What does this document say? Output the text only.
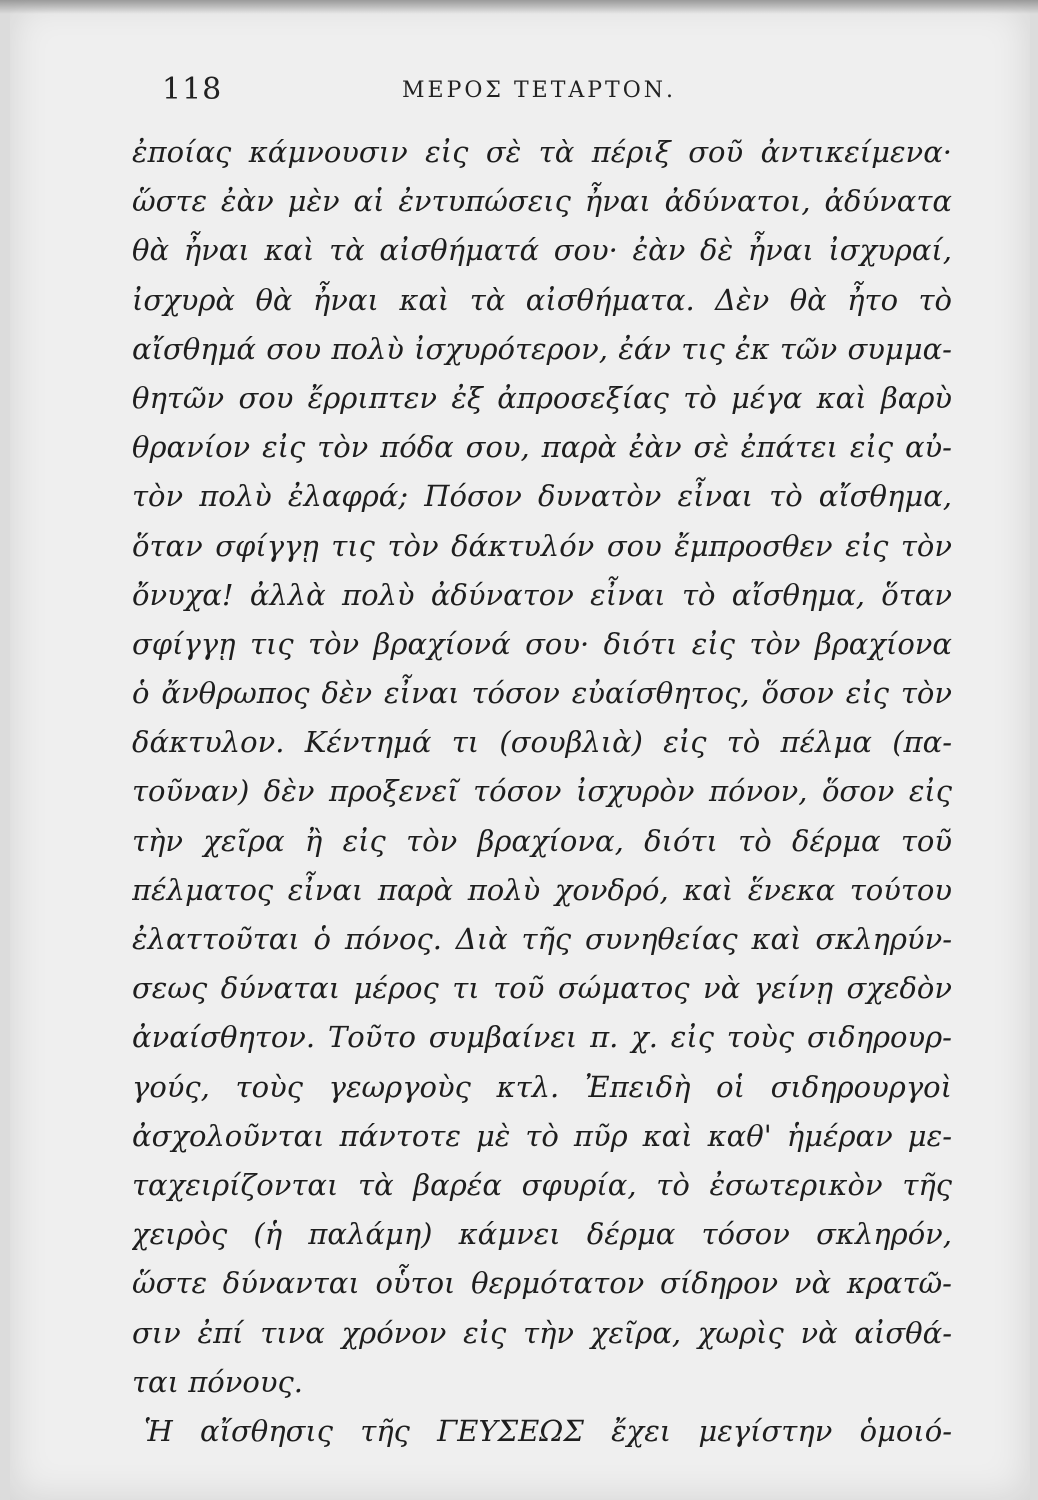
118	ΜΕΡΟΣ ΤΕΤΑΡΤΟΝ.
ἐποίας κάμνουσιν εἰς σὲ τὰ πέριξ σοῦ ἀντικείμενα·
ὥστε ἐὰν μὲν αἱ ἐντυπώσεις ἦναι ἀδύνατοι, ἀδύνατα
θὰ ἦναι καὶ τὰ αἰσθήματά σου· ἐὰν δὲ ἦναι ἰσχυραί,
ἰσχυρὰ θὰ ἦναι καὶ τὰ αἰσθήματα. Δὲν θὰ ἦτο τὸ
αἴσθημά σου πολὺ ἰσχυρότερον, ἐάν τις ἐκ τῶν συμμα-
θητῶν σου ἔρριπτεν ἐξ ἀπροσεξίας τὸ μέγα καὶ βαρὺ
θρανίον εἰς τὸν πόδα σου, παρὰ ἐὰν σὲ ἐπάτει εἰς αὐ-
τὸν πολὺ ἐλαφρά; Πόσον δυνατὸν εἶναι τὸ αἴσθημα,
ὅταν σφίγγῃ τις τὸν δάκτυλόν σου ἔμπροσθεν εἰς τὸν
ὄνυχα! ἀλλὰ πολὺ ἀδύνατον εἶναι τὸ αἴσθημα, ὅταν
σφίγγῃ τις τὸν βραχίονά σου· διότι εἰς τὸν βραχίονα
ὁ ἄνθρωπος δὲν εἶναι τόσον εὐαίσθητος, ὅσον εἰς τὸν
δάκτυλον. Κέντημά τι (σουβλιὰ) εἰς τὸ πέλμα (πα-
τοῦναν) δὲν προξενεῖ τόσον ἰσχυρὸν πόνον, ὅσον εἰς
τὴν χεῖρα ἢ εἰς τὸν βραχίονα, διότι τὸ δέρμα τοῦ
πέλματος εἶναι παρὰ πολὺ χονδρό, καὶ ἕνεκα τούτου
ἐλαττοῦται ὁ πόνος. Διὰ τῆς συνηθείας καὶ σκληρύν-
σεως δύναται μέρος τι τοῦ σώματος νὰ γείνῃ σχεδὸν
ἀναίσθητον. Τοῦτο συμβαίνει π. χ. εἰς τοὺς σιδηρουρ-
γούς, τοὺς γεωργοὺς κτλ. Ἐπειδὴ οἱ σιδηρουργοὶ
ἀσχολοῦνται πάντοτε μὲ τὸ πῦρ καὶ καθ' ἡμέραν με-
ταχειρίζονται τὰ βαρέα σφυρία, τὸ ἐσωτερικὸν τῆς
χειρὸς (ἡ παλάμη) κάμνει δέρμα τόσον σκληρόν,
ὥστε δύνανται οὗτοι θερμότατον σίδηρον νὰ κρατῶ-
σιν ἐπί τινα χρόνον εἰς τὴν χεῖρα, χωρὶς νὰ αἰσθά-
ται πόνους.
Ἡ αἴσθησις τῆς ΓΕΥΣΕΩΣ ἔχει μεγίστην ὁμοιό-
